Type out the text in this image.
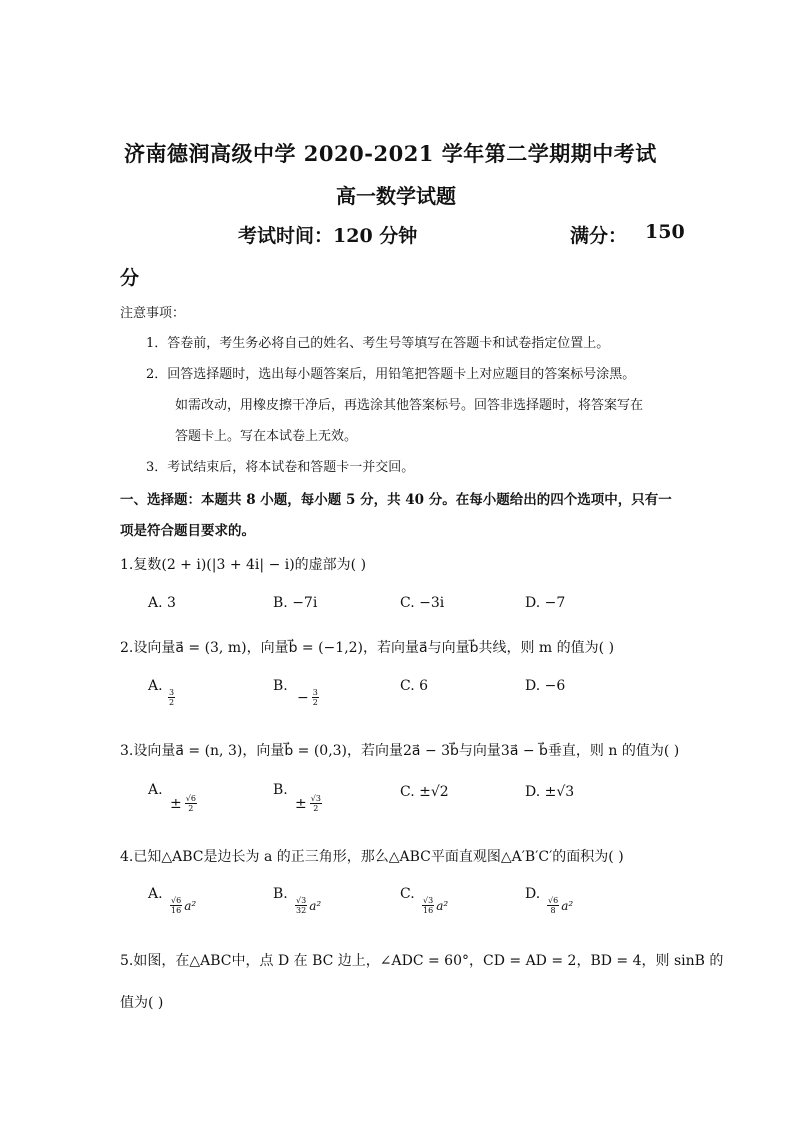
济南德润高级中学 2020-2021 学年第二学期期中考试
高一数学试题
考试时间：120 分钟	满分： 150
分
注意事项：
1．答卷前，考生务必将自己的姓名、考生号等填写在答题卡和试卷指定位置上。
2．回答选择题时，选出每小题答案后，用铅笔把答题卡上对应题目的答案标号涂黑。
如需改动，用橡皮擦干净后，再选涂其他答案标号。回答非选择题时，将答案写在
答题卡上。写在本试卷上无效。
3．考试结束后，将本试卷和答题卡一并交回。
一、选择题：本题共 8 小题，每小题 5 分，共 40 分。在每小题给出的四个选项中，只有一
项是符合题目要求的。
1.复数(2 + i)(|3 + 4i| − i)的虚部为( )
A. 3	B. −7i	C. −3i	D. −7
2.设向量a⃗ = (3, m)，向量b⃗ = (−1,2)，若向量a⃗与向量b⃗共线，则 m 的值为( )
A.
$\frac{3}{2}$
B.
− $\frac{3}{2}$
C. 6	D. −6
3.设向量a⃗ = (n, 3)，向量b⃗ = (0,3)，若向量2a⃗ − 3b⃗与向量3a⃗ − b⃗垂直，则 n 的值为( )
A.
± $\frac{√6}{2}$
B.
± $\frac{√3}{2}$
C. ±√2	D. ±√3
4.已知△ABC是边长为 a 的正三角形，那么△ABC平面直观图△A′B′C′的面积为( )
A.
$\frac{√6}{16} a^2$
B.
$\frac{√3}{32} a^2$
C.
$\frac{√3}{16} a^2$
D.
$\frac{√6}{8} a^2$
5.如图，在△ABC中，点 D 在 BC 边上，∠ADC = 60°，CD = AD = 2，BD = 4，则 sinB 的
值为( )
